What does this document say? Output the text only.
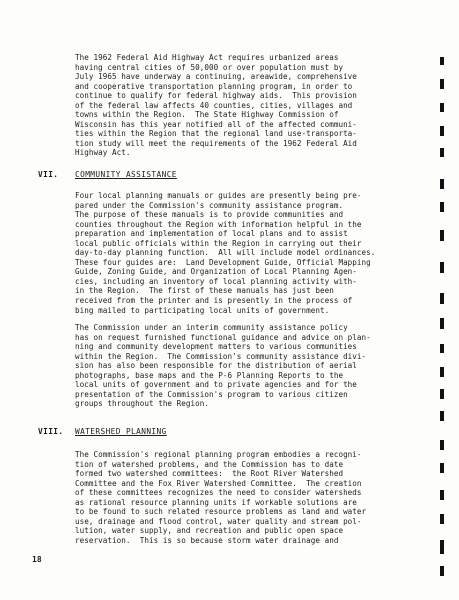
The 1962 Federal Aid Highway Act requires urbanized areas
having central cities of 50,000 or over population must by
July 1965 have underway a continuing, areawide, comprehensive
and cooperative transportation planning program, in order to
continue to qualify for federal highway aids.  This provision
of the federal law affects 40 counties, cities, villages and
towns within the Region.  The State Highway Commission of
Wisconsin has this year notified all of the affected communi-
ties within the Region that the regional land use-transporta-
tion study will meet the requirements of the 1962 Federal Aid
Highway Act.
VII. COMMUNITY ASSISTANCE
Four local planning manuals or guides are presently being pre-
pared under the Commission's community assistance program.
The purpose of these manuals is to provide communities and
counties throughout the Region with information helpful in the
preparation and implementation of local plans and to assist
local public officials within the Region in carrying out their
day-to-day planning function.  All will include model ordinances.
These four guides are:  Land Development Guide, Official Mapping
Guide, Zoning Guide, and Organization of Local Planning Agen-
cies, including an inventory of local planning activity with-
in the Region.  The first of these manuals has just been
received from the printer and is presently in the process of
bing mailed to participating local units of government.
The Commission under an interim community assistance policy
has on request furnished functional guidance and advice on plan-
ning and community development matters to various communities
within the Region.  The Commission's community assistance divi-
sion has also been responsible for the distribution of aerial
photographs, base maps and the P-6 Planning Reports to the
local units of government and to private agencies and for the
presentation of the Commission's program to various citizen
groups throughout the Region.
VIII. WATERSHED PLANNING
The Commission's regional planning program embodies a recogni-
tion of watershed problems, and the Commission has to date
formed two watershed committees:  the Root River Watershed
Committee and the Fox River Watershed Committee.  The creation
of these committees recognizes the need to consider watersheds
as rational resource planning units if workable solutions are
to be found to such related resource problems as land and water
use, drainage and flood control, water quality and stream pol-
lution, water supply, and recreation and public open space
reservation.  This is so because storm water drainage and
18
